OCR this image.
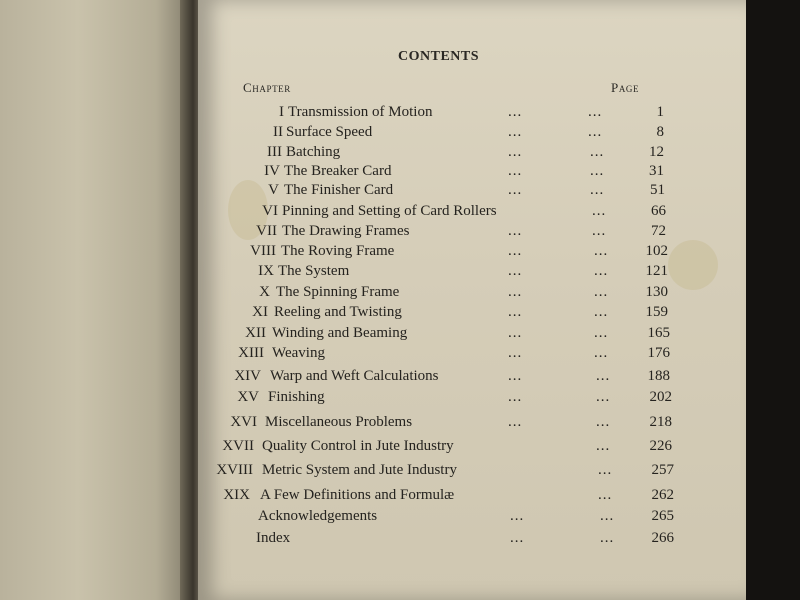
CONTENTS
Chapter	Page
I Transmission of Motion	...	...	1
II Surface Speed	...	...	8
III Batching	...	...	12
IV The Breaker Card	...	...	31
V The Finisher Card	...	...	51
VI Pinning and Setting of Card Rollers	...	66
VII The Drawing Frames	...	...	72
VIII The Roving Frame	...	...	102
IX The System	...	...	121
X The Spinning Frame	...	...	130
XI Reeling and Twisting	...	...	159
XII Winding and Beaming	...	...	165
XIII Weaving	...	...	176
XIV Warp and Weft Calculations	...	...	188
XV Finishing	...	...	202
XVI Miscellaneous Problems	...	...	218
XVII Quality Control in Jute Industry	...	226
XVIII Metric System and Jute Industry	...	257
XIX A Few Definitions and Formulæ	...	262
Acknowledgements	...	...	265
Index	...	...	266
